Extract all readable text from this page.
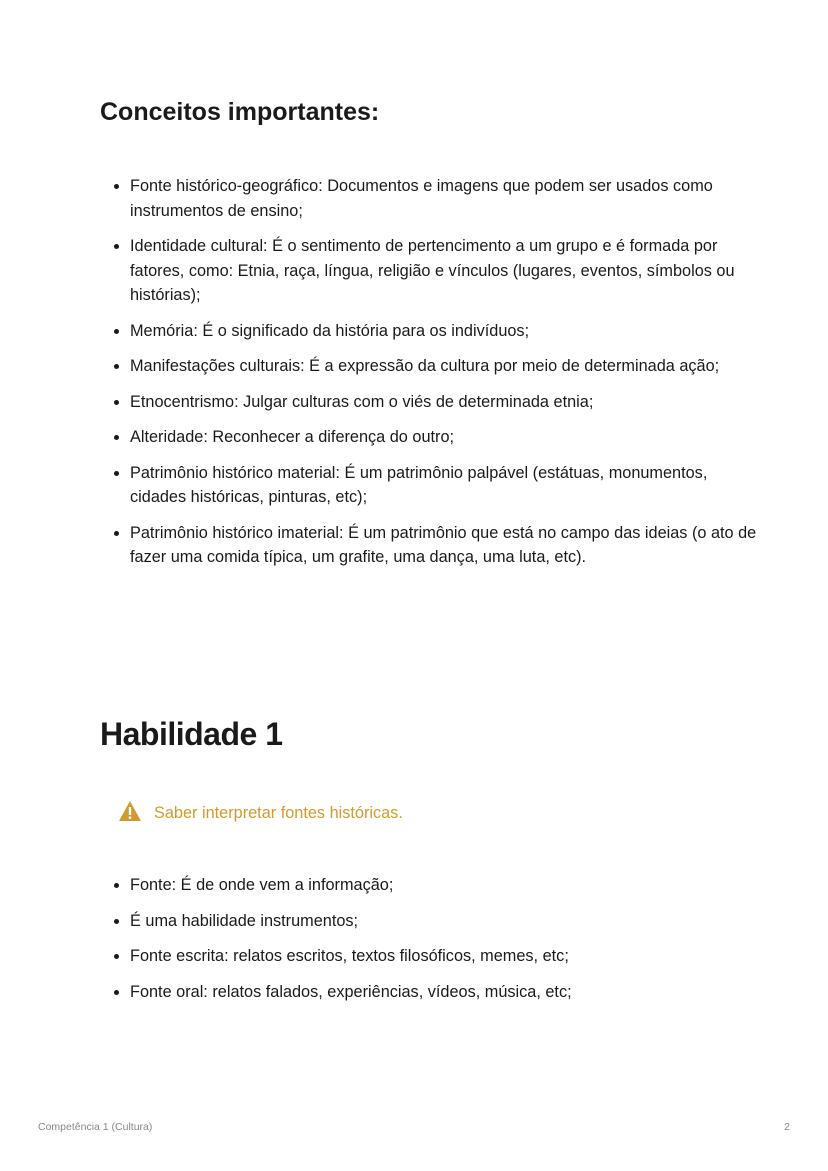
Conceitos importantes:
• Fonte histórico-geográfico: Documentos e imagens que podem ser usados como instrumentos de ensino;
• Identidade cultural: É o sentimento de pertencimento a um grupo e é formada por fatores, como: Etnia, raça, língua, religião e vínculos (lugares, eventos, símbolos ou histórias);
• Memória: É o significado da história para os indivíduos;
• Manifestações culturais: É a expressão da cultura por meio de determinada ação;
• Etnocentrismo: Julgar culturas com o viés de determinada etnia;
• Alteridade: Reconhecer a diferença do outro;
• Patrimônio histórico material: É um patrimônio palpável (estátuas, monumentos, cidades históricas, pinturas, etc);
• Patrimônio histórico imaterial: É um patrimônio que está no campo das ideias (o ato de fazer uma comida típica, um grafite, uma dança, uma luta, etc).
Habilidade 1
Saber interpretar fontes históricas.
• Fonte: É de onde vem a informação;
• É uma habilidade instrumentos;
• Fonte escrita: relatos escritos, textos filosóficos, memes, etc;
• Fonte oral: relatos falados, experiências, vídeos, música, etc;
Competência 1 (Cultura)	2
